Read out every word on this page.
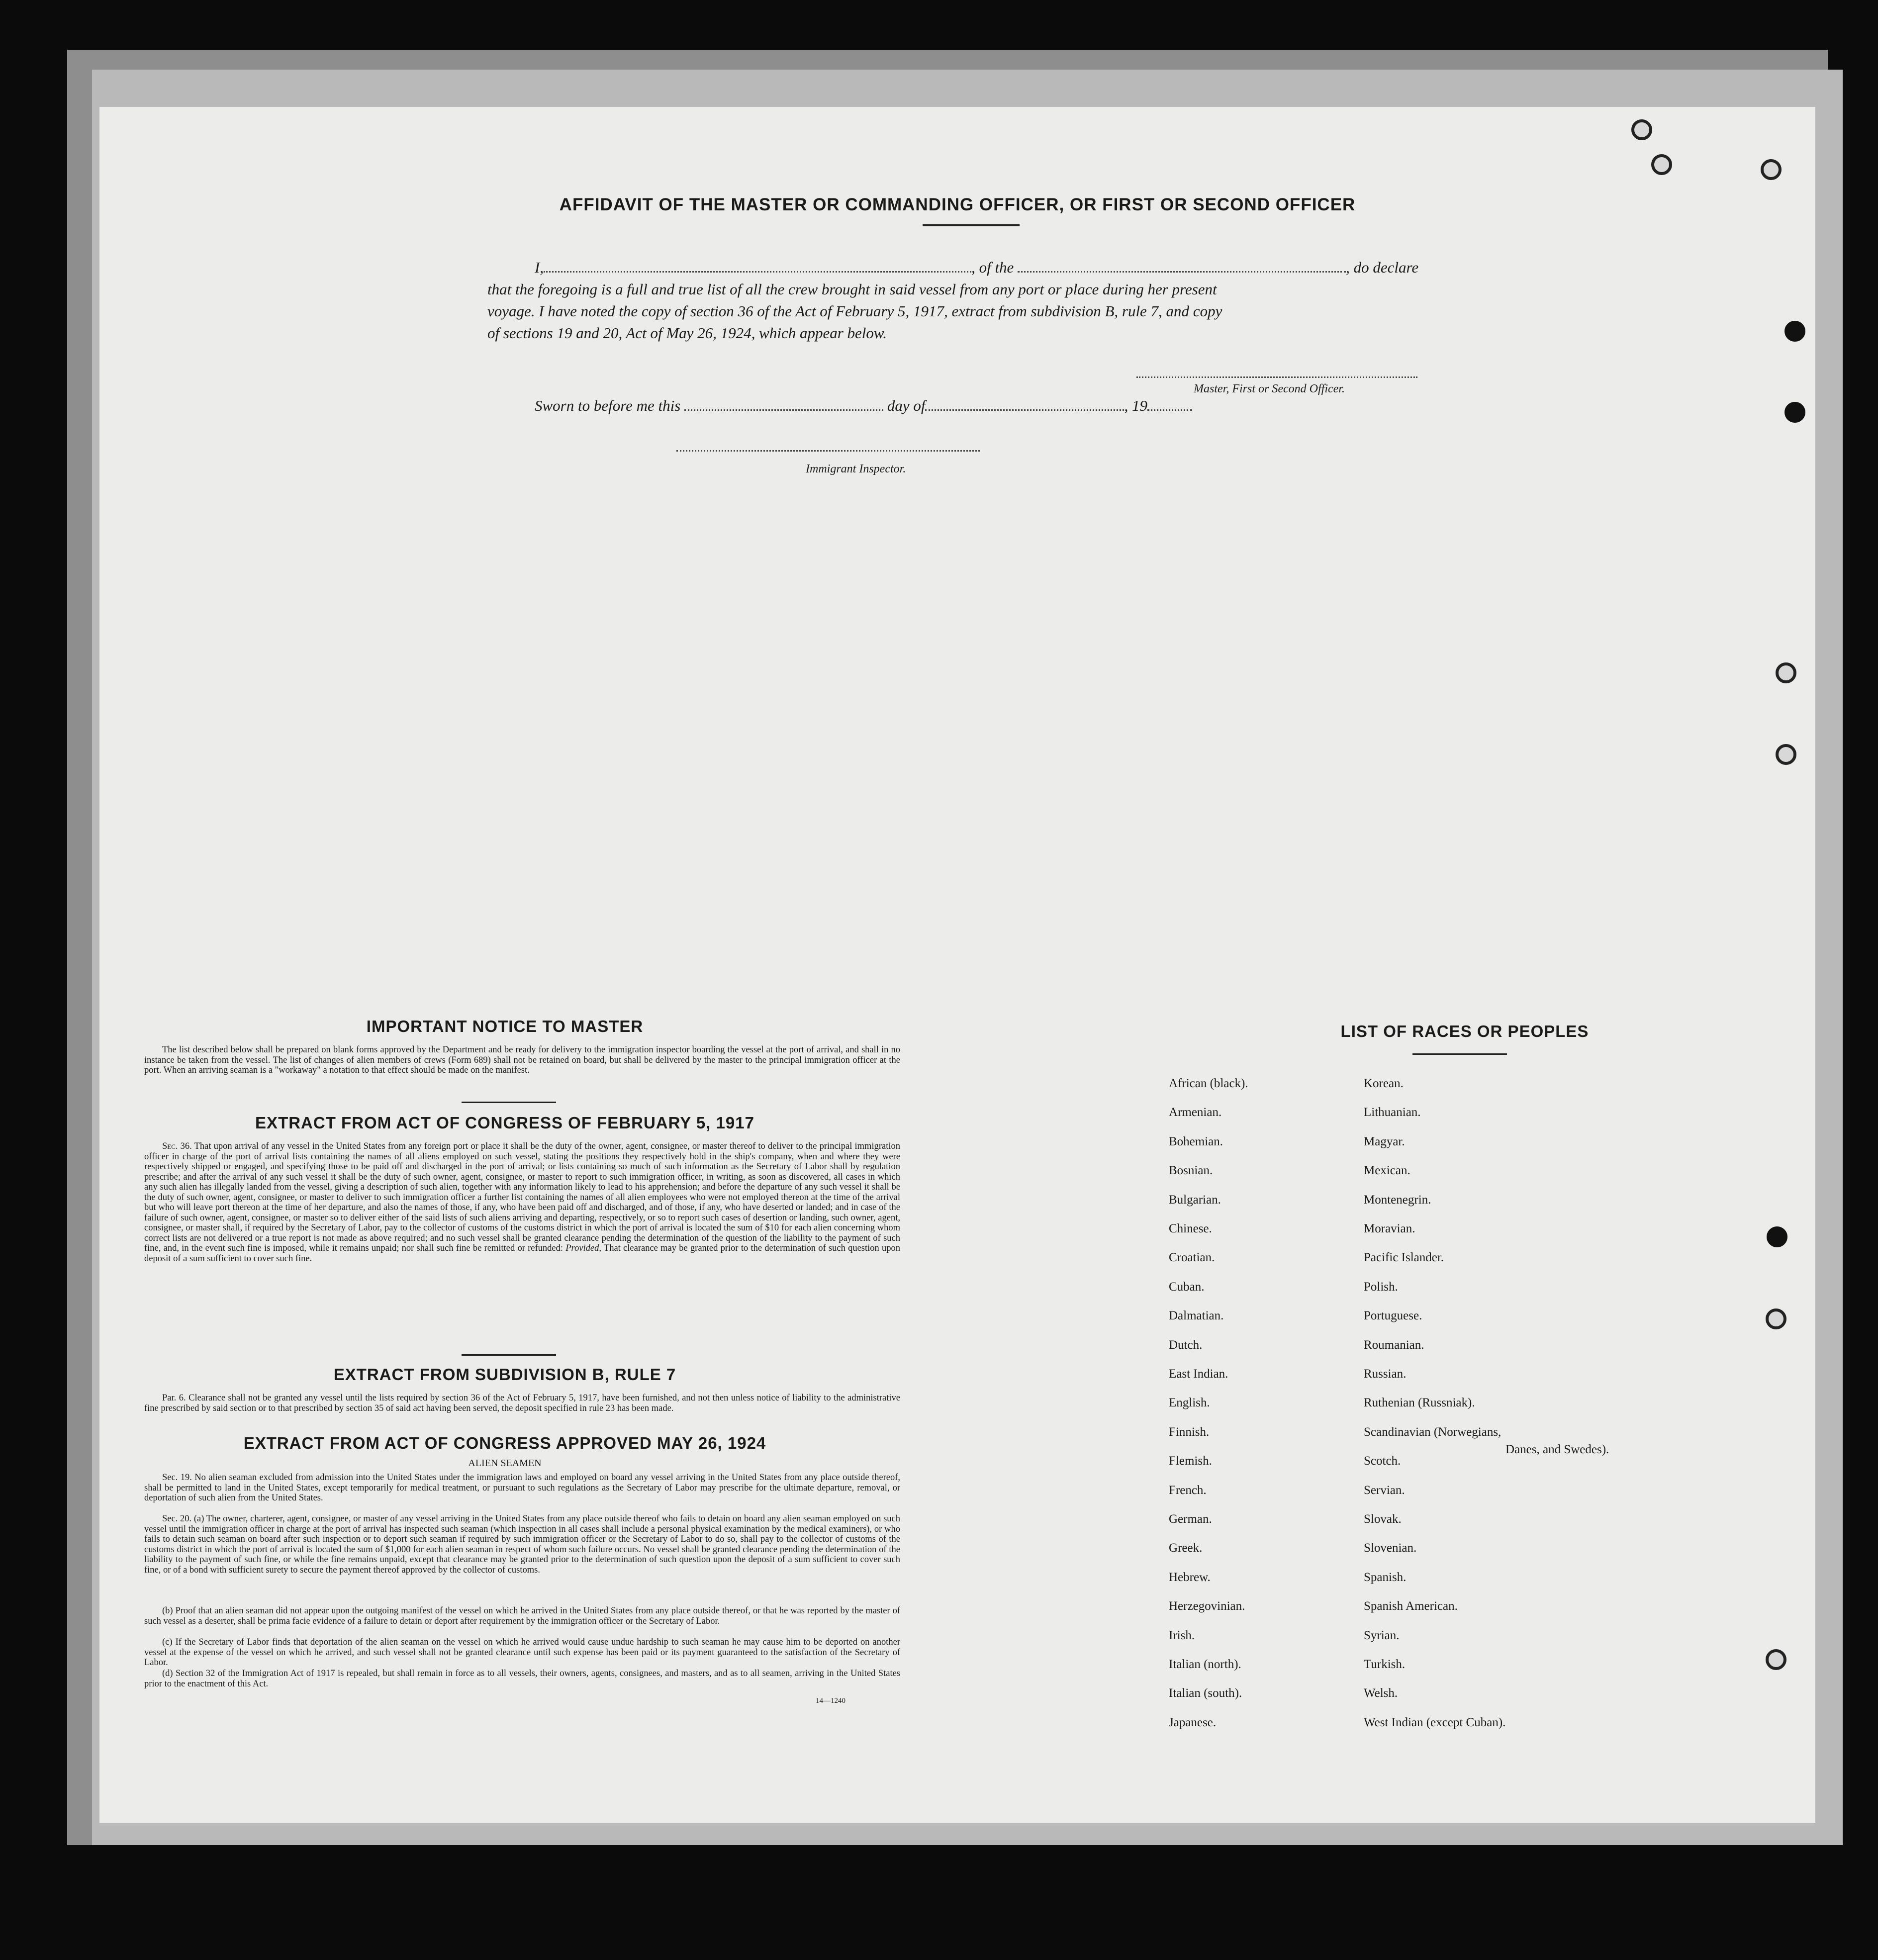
AFFIDAVIT OF THE MASTER OR COMMANDING OFFICER, OR FIRST OR SECOND OFFICER
I,	, of the	, do declare
that the foregoing is a full and true list of all the crew brought in said vessel from any port or place during her present
voyage. I have noted the copy of section 36 of the Act of February 5, 1917, extract from subdivision B, rule 7, and copy
of sections 19 and 20, Act of May 26, 1924, which appear below.
Master, First or Second Officer.
Sworn to before me this	day of	, 19
Immigrant Inspector.
IMPORTANT NOTICE TO MASTER
The list described below shall be prepared on blank forms approved by the Department and be ready for delivery to the immigration inspector boarding the vessel at the port of arrival, and shall in no instance be taken from the vessel. The list of changes of alien members of crews (Form 689) shall not be retained on board, but shall be delivered by the master to the principal immigration officer at the port. When an arriving seaman is a "workaway" a notation to that effect should be made on the manifest.
EXTRACT FROM ACT OF CONGRESS OF FEBRUARY 5, 1917
Sec. 36. That upon arrival of any vessel in the United States from any foreign port or place it shall be the duty of the owner, agent, consignee, or master thereof to deliver to the principal immigration officer in charge of the port of arrival lists containing the names of all aliens employed on such vessel, stating the positions they respectively hold in the ship's company, when and where they were respectively shipped or engaged, and specifying those to be paid off and discharged in the port of arrival; or lists containing so much of such information as the Secretary of Labor shall by regulation prescribe; and after the arrival of any such vessel it shall be the duty of such owner, agent, consignee, or master to report to such immigration officer, in writing, as soon as discovered, all cases in which any such alien has illegally landed from the vessel, giving a description of such alien, together with any information likely to lead to his apprehension; and before the departure of any such vessel it shall be the duty of such owner, agent, consignee, or master to deliver to such immigration officer a further list containing the names of all alien employees who were not employed thereon at the time of the arrival but who will leave port thereon at the time of her departure, and also the names of those, if any, who have been paid off and discharged, and of those, if any, who have deserted or landed; and in case of the failure of such owner, agent, consignee, or master so to deliver either of the said lists of such aliens arriving and departing, respectively, or so to report such cases of desertion or landing, such owner, agent, consignee, or master shall, if required by the Secretary of Labor, pay to the collector of customs of the customs district in which the port of arrival is located the sum of $10 for each alien concerning whom correct lists are not delivered or a true report is not made as above required; and no such vessel shall be granted clearance pending the determination of the question of the liability to the payment of such fine, and, in the event such fine is imposed, while it remains unpaid; nor shall such fine be remitted or refunded: Provided, That clearance may be granted prior to the determination of such question upon deposit of a sum sufficient to cover such fine.
EXTRACT FROM SUBDIVISION B, RULE 7
Par. 6. Clearance shall not be granted any vessel until the lists required by section 36 of the Act of February 5, 1917, have been furnished, and not then unless notice of liability to the administrative fine prescribed by said section or to that prescribed by section 35 of said act having been served, the deposit specified in rule 23 has been made.
EXTRACT FROM ACT OF CONGRESS APPROVED MAY 26, 1924
ALIEN SEAMEN
Sec. 19. No alien seaman excluded from admission into the United States under the immigration laws and employed on board any vessel arriving in the United States from any place outside thereof, shall be permitted to land in the United States, except temporarily for medical treatment, or pursuant to such regulations as the Secretary of Labor may prescribe for the ultimate departure, removal, or deportation of such alien from the United States.
Sec. 20. (a) The owner, charterer, agent, consignee, or master of any vessel arriving in the United States from any place outside thereof who fails to detain on board any alien seaman employed on such vessel until the immigration officer in charge at the port of arrival has inspected such seaman (which inspection in all cases shall include a personal physical examination by the medical examiners), or who fails to detain such seaman on board after such inspection or to deport such seaman if required by such immigration officer or the Secretary of Labor to do so, shall pay to the collector of customs of the customs district in which the port of arrival is located the sum of $1,000 for each alien seaman in respect of whom such failure occurs. No vessel shall be granted clearance pending the determination of the liability to the payment of such fine, or while the fine remains unpaid, except that clearance may be granted prior to the determination of such question upon the deposit of a sum sufficient to cover such fine, or of a bond with sufficient surety to secure the payment thereof approved by the collector of customs.
(b) Proof that an alien seaman did not appear upon the outgoing manifest of the vessel on which he arrived in the United States from any place outside thereof, or that he was reported by the master of such vessel as a deserter, shall be prima facie evidence of a failure to detain or deport after requirement by the immigration officer or the Secretary of Labor.
(c) If the Secretary of Labor finds that deportation of the alien seaman on the vessel on which he arrived would cause undue hardship to such seaman he may cause him to be deported on another vessel at the expense of the vessel on which he arrived, and such vessel shall not be granted clearance until such expense has been paid or its payment guaranteed to the satisfaction of the Secretary of Labor.
(d) Section 32 of the Immigration Act of 1917 is repealed, but shall remain in force as to all vessels, their owners, agents, consignees, and masters, and as to all seamen, arriving in the United States prior to the enactment of this Act.
14—1240
LIST OF RACES OR PEOPLES
African (black).
Armenian.
Bohemian.
Bosnian.
Bulgarian.
Chinese.
Croatian.
Cuban.
Dalmatian.
Dutch.
East Indian.
English.
Finnish.
Flemish.
French.
German.
Greek.
Hebrew.
Herzegovinian.
Irish.
Italian (north).
Italian (south).
Japanese.
Korean.
Lithuanian.
Magyar.
Mexican.
Montenegrin.
Moravian.
Pacific Islander.
Polish.
Portuguese.
Roumanian.
Russian.
Ruthenian (Russniak).
Scandinavian (Norwegians,
Scotch.
Servian.
Slovak.
Slovenian.
Spanish.
Spanish American.
Syrian.
Turkish.
Welsh.
West Indian (except Cuban).
Danes, and Swedes).
